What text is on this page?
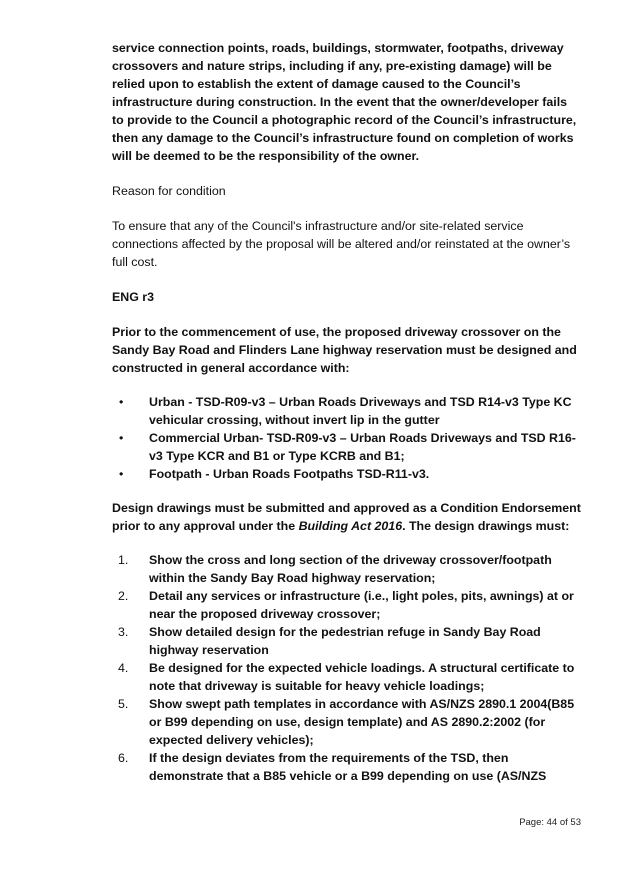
service connection points, roads, buildings, stormwater, footpaths, driveway crossovers and nature strips, including if any, pre-existing damage) will be relied upon to establish the extent of damage caused to the Council’s infrastructure during construction. In the event that the owner/developer fails to provide to the Council a photographic record of the Council’s infrastructure, then any damage to the Council’s infrastructure found on completion of works will be deemed to be the responsibility of the owner.

Reason for condition

To ensure that any of the Council's infrastructure and/or site-related service connections affected by the proposal will be altered and/or reinstated at the owner’s full cost.

ENG r3

Prior to the commencement of use, the proposed driveway crossover on the Sandy Bay Road and Flinders Lane highway reservation must be designed and constructed in general accordance with:

• Urban - TSD-R09-v3 – Urban Roads Driveways and TSD R14-v3 Type KC vehicular crossing, without invert lip in the gutter
• Commercial Urban- TSD-R09-v3 – Urban Roads Driveways and TSD R16-v3 Type KCR and B1 or Type KCRB and B1;
• Footpath - Urban Roads Footpaths TSD-R11-v3.

Design drawings must be submitted and approved as a Condition Endorsement prior to any approval under the Building Act 2016. The design drawings must:

1. Show the cross and long section of the driveway crossover/footpath within the Sandy Bay Road highway reservation;
2. Detail any services or infrastructure (i.e., light poles, pits, awnings) at or near the proposed driveway crossover;
3. Show detailed design for the pedestrian refuge in Sandy Bay Road highway reservation
4. Be designed for the expected vehicle loadings. A structural certificate to note that driveway is suitable for heavy vehicle loadings;
5. Show swept path templates in accordance with AS/NZS 2890.1 2004(B85 or B99 depending on use, design template) and AS 2890.2:2002 (for expected delivery vehicles);
6. If the design deviates from the requirements of the TSD, then demonstrate that a B85 vehicle or a B99 depending on use (AS/NZS
Page: 44 of 53
